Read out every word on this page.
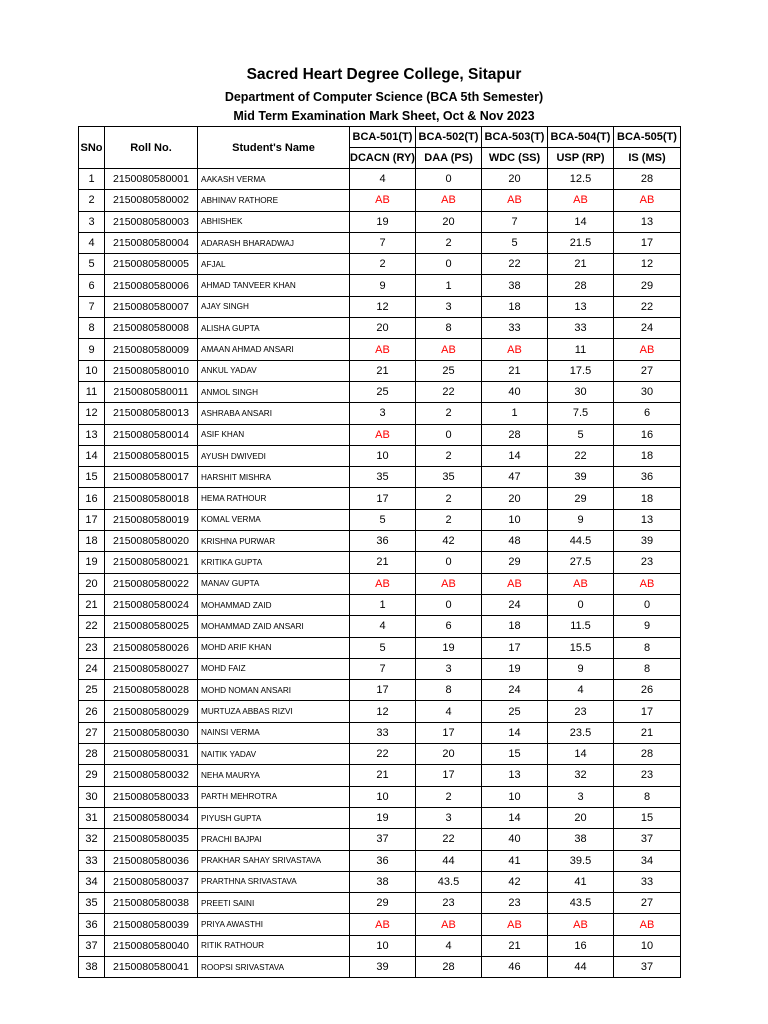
Sacred Heart Degree College, Sitapur
Department of Computer Science (BCA 5th Semester)
Mid Term Examination Mark Sheet, Oct & Nov 2023
SNo	Roll No.	Student's Name	BCA-501(T)	BCA-502(T)	BCA-503(T)	BCA-504(T)	BCA-505(T)
			DCACN (RY)	DAA (PS)	WDC (SS)	USP (RP)	IS (MS)
1	2150080580001	AAKASH VERMA	4	0	20	12.5	28
2	2150080580002	ABHINAV RATHORE	AB	AB	AB	AB	AB
3	2150080580003	ABHISHEK	19	20	7	14	13
4	2150080580004	ADARASH BHARADWAJ	7	2	5	21.5	17
5	2150080580005	AFJAL	2	0	22	21	12
6	2150080580006	AHMAD TANVEER KHAN	9	1	38	28	29
7	2150080580007	AJAY SINGH	12	3	18	13	22
8	2150080580008	ALISHA GUPTA	20	8	33	33	24
9	2150080580009	AMAAN AHMAD ANSARI	AB	AB	AB	11	AB
10	2150080580010	ANKUL YADAV	21	25	21	17.5	27
11	2150080580011	ANMOL SINGH	25	22	40	30	30
12	2150080580013	ASHRABA ANSARI	3	2	1	7.5	6
13	2150080580014	ASIF KHAN	AB	0	28	5	16
14	2150080580015	AYUSH DWIVEDI	10	2	14	22	18
15	2150080580017	HARSHIT MISHRA	35	35	47	39	36
16	2150080580018	HEMA RATHOUR	17	2	20	29	18
17	2150080580019	KOMAL VERMA	5	2	10	9	13
18	2150080580020	KRISHNA PURWAR	36	42	48	44.5	39
19	2150080580021	KRITIKA GUPTA	21	0	29	27.5	23
20	2150080580022	MANAV GUPTA	AB	AB	AB	AB	AB
21	2150080580024	MOHAMMAD ZAID	1	0	24	0	0
22	2150080580025	MOHAMMAD ZAID ANSARI	4	6	18	11.5	9
23	2150080580026	MOHD ARIF KHAN	5	19	17	15.5	8
24	2150080580027	MOHD FAIZ	7	3	19	9	8
25	2150080580028	MOHD NOMAN ANSARI	17	8	24	4	26
26	2150080580029	MURTUZA ABBAS RIZVI	12	4	25	23	17
27	2150080580030	NAINSI VERMA	33	17	14	23.5	21
28	2150080580031	NAITIK YADAV	22	20	15	14	28
29	2150080580032	NEHA MAURYA	21	17	13	32	23
30	2150080580033	PARTH MEHROTRA	10	2	10	3	8
31	2150080580034	PIYUSH GUPTA	19	3	14	20	15
32	2150080580035	PRACHI BAJPAI	37	22	40	38	37
33	2150080580036	PRAKHAR SAHAY SRIVASTAVA	36	44	41	39.5	34
34	2150080580037	PRARTHNA SRIVASTAVA	38	43.5	42	41	33
35	2150080580038	PREETI SAINI	29	23	23	43.5	27
36	2150080580039	PRIYA AWASTHI	AB	AB	AB	AB	AB
37	2150080580040	RITIK RATHOUR	10	4	21	16	10
38	2150080580041	ROOPSI SRIVASTAVA	39	28	46	44	37
